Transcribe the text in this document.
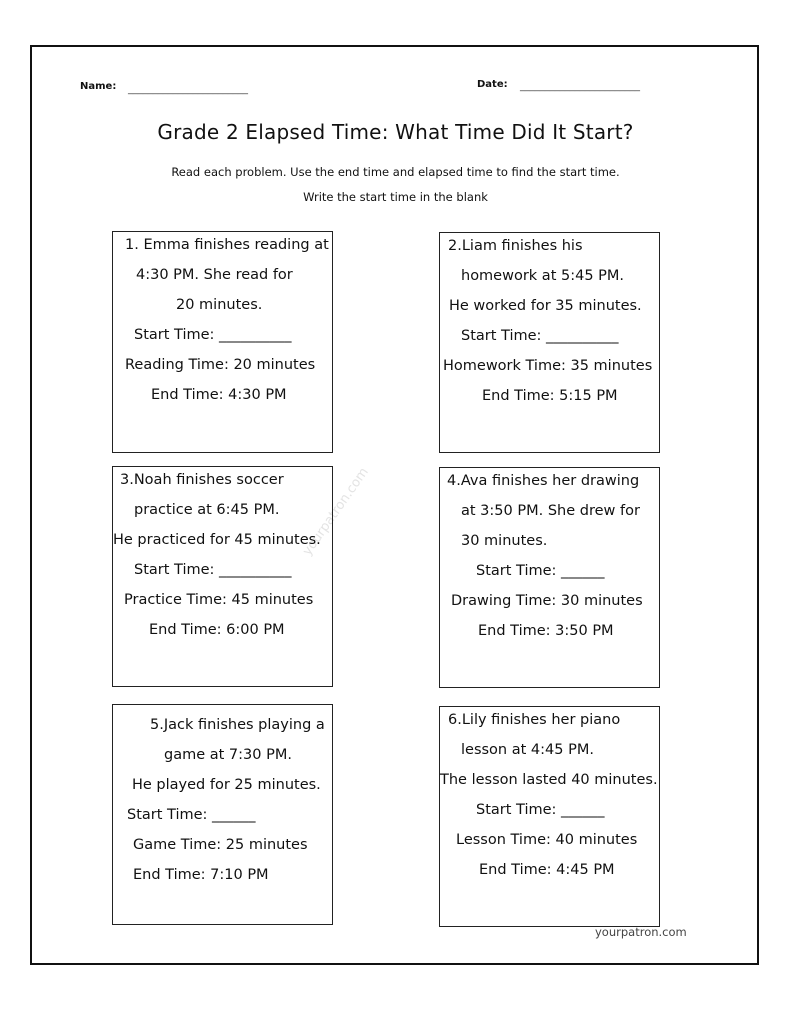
Name: ________________________	Date: ________________________
Grade 2 Elapsed Time: What Time Did It Start?
Read each problem. Use the end time and elapsed time to find the start time.
Write the start time in the blank
yourpatron.com
1. Emma finishes reading at
4:30 PM. She read for
20 minutes.
Start Time: __________
Reading Time: 20 minutes
End Time: 4:30 PM
2.Liam finishes his
homework at 5:45 PM.
He worked for 35 minutes.
Start Time: __________
Homework Time: 35 minutes
End Time: 5:15 PM
3.Noah finishes soccer
practice at 6:45 PM.
He practiced for 45 minutes.
Start Time: __________
Practice Time: 45 minutes
End Time: 6:00 PM
4.Ava finishes her drawing
at 3:50 PM. She drew for
30 minutes.
Start Time: ______
Drawing Time: 30 minutes
End Time: 3:50 PM
5.Jack finishes playing a
game at 7:30 PM.
He played for 25 minutes.
Start Time: ______
Game Time: 25 minutes
End Time: 7:10 PM
6.Lily finishes her piano
lesson at 4:45 PM.
The lesson lasted 40 minutes.
Start Time: ______
Lesson Time: 40 minutes
End Time: 4:45 PM
yourpatron.com
